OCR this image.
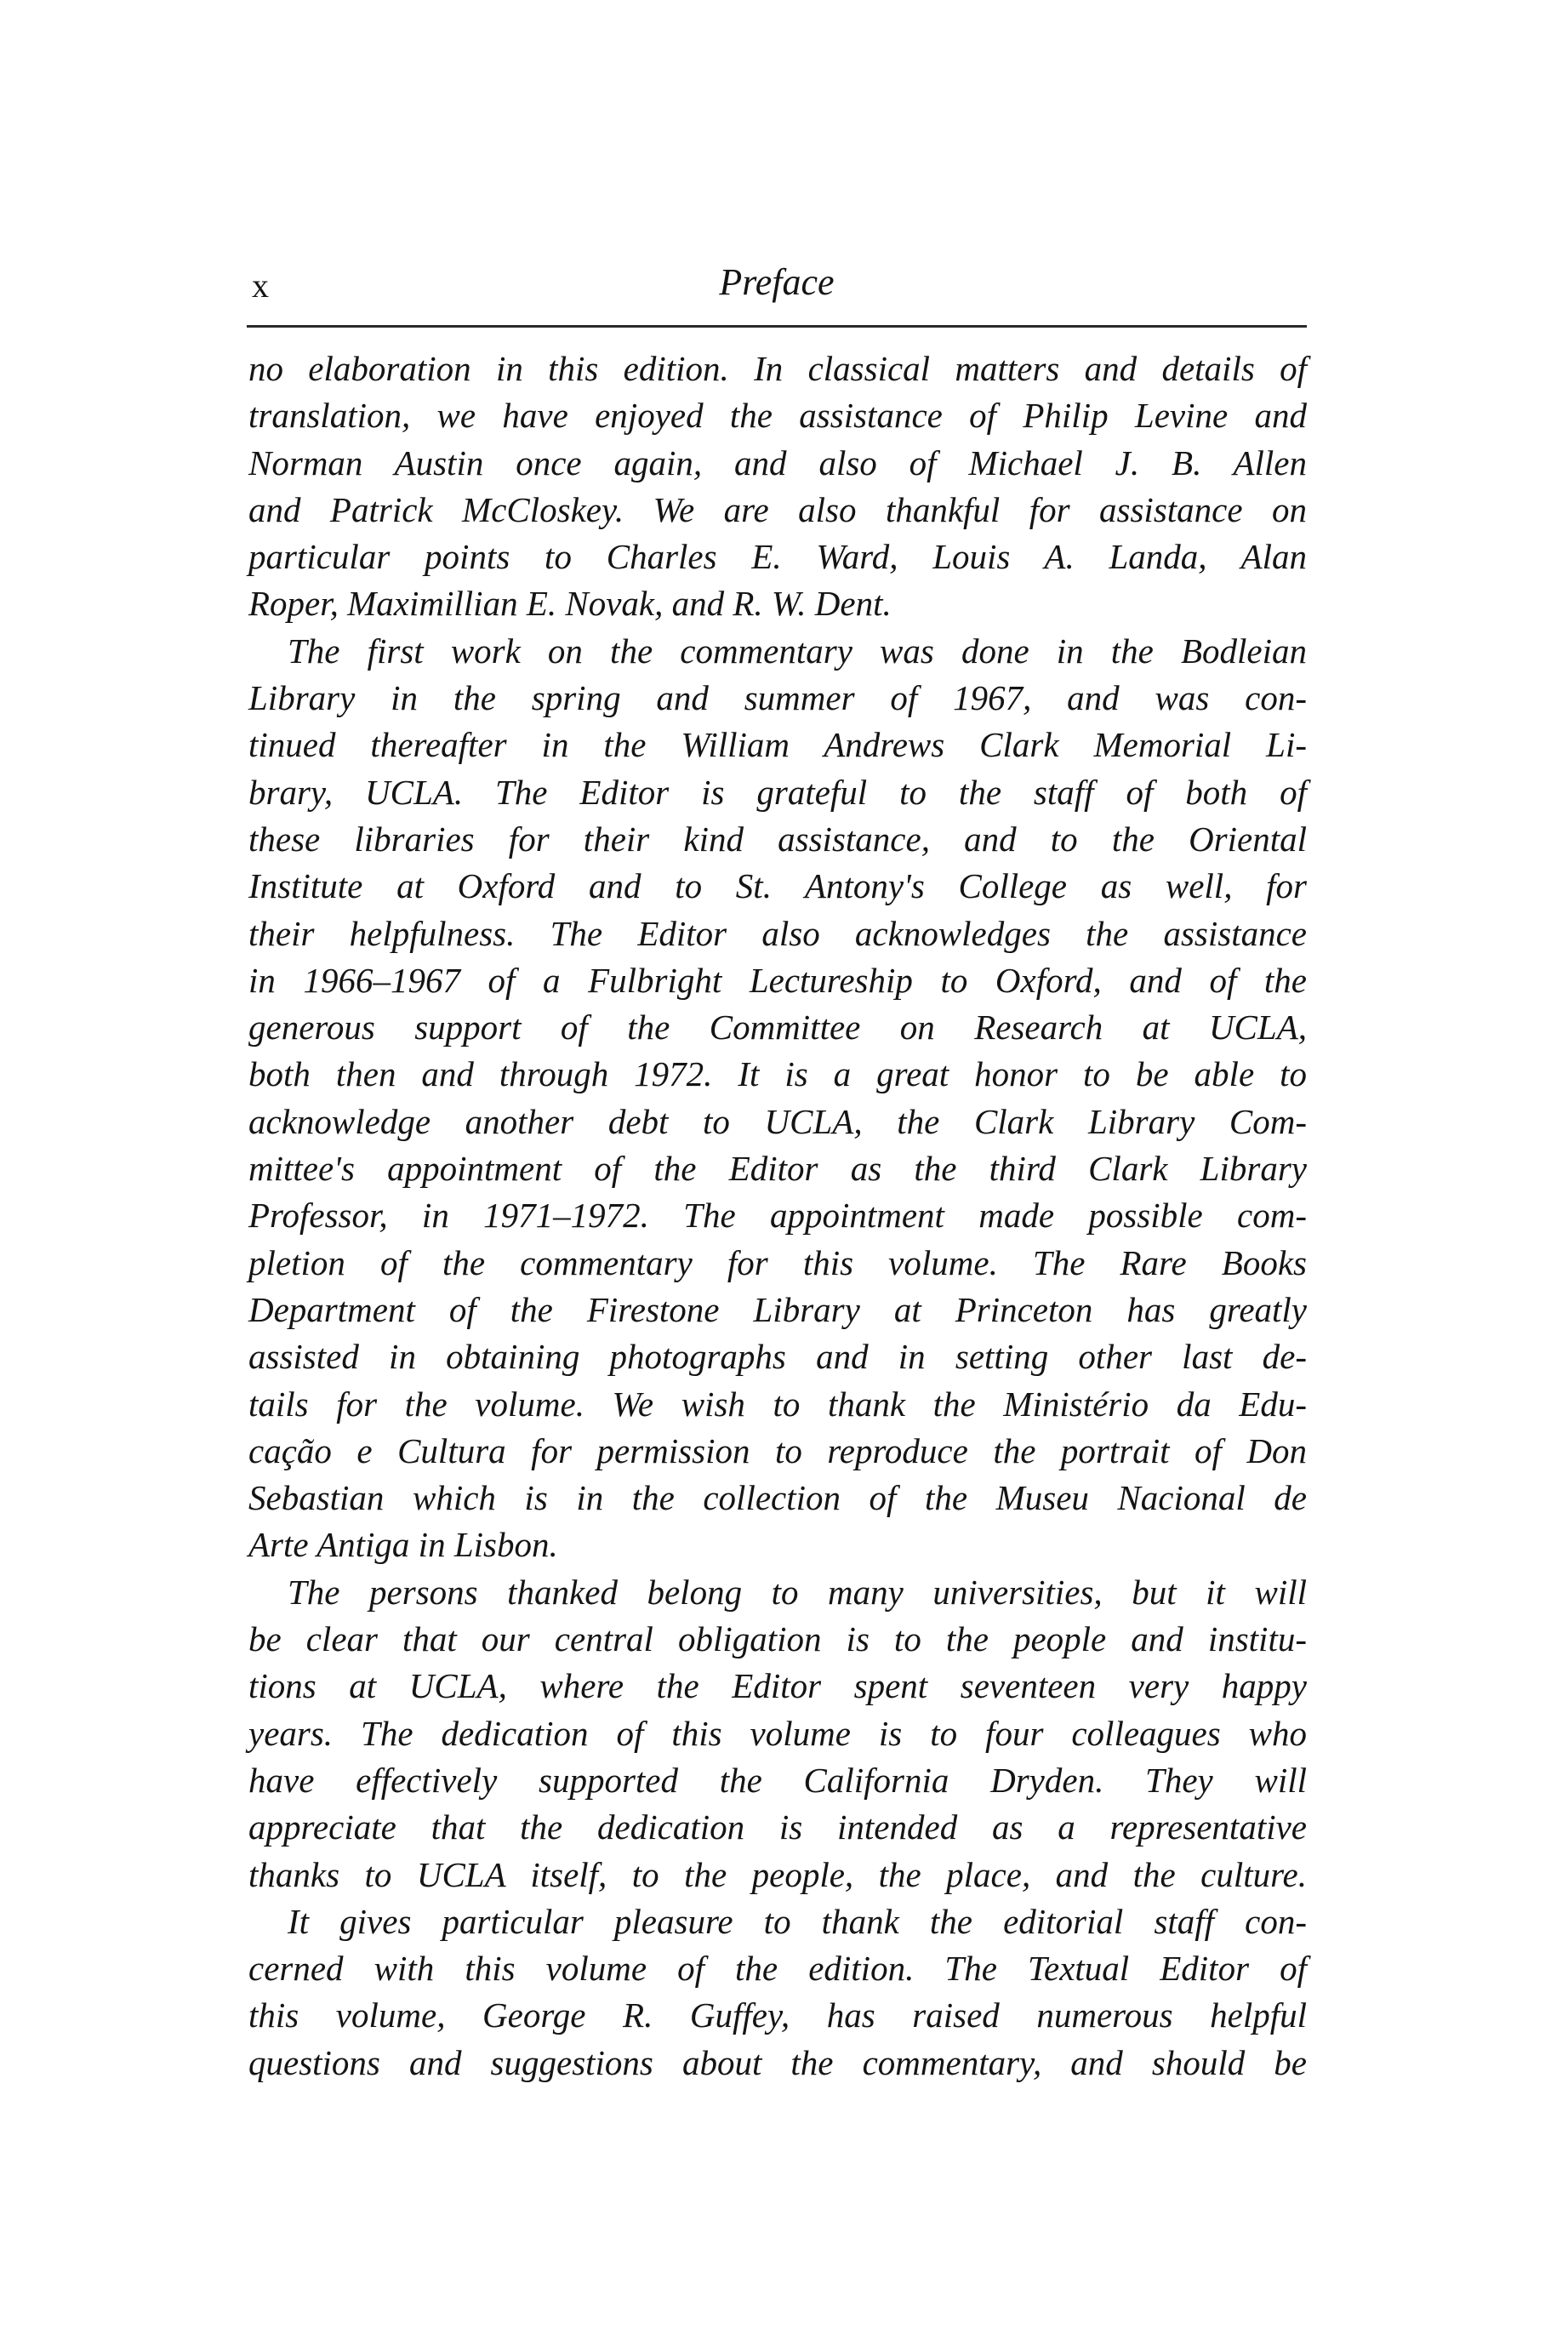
x	Preface
no elaboration in this edition. In classical matters and details of
translation, we have enjoyed the assistance of Philip Levine and
Norman Austin once again, and also of Michael J. B. Allen
and Patrick McCloskey. We are also thankful for assistance on
particular points to Charles E. Ward, Louis A. Landa, Alan
Roper, Maximillian E. Novak, and R. W. Dent.
The first work on the commentary was done in the Bodleian
Library in the spring and summer of 1967, and was con-
tinued thereafter in the William Andrews Clark Memorial Li-
brary, UCLA. The Editor is grateful to the staff of both of
these libraries for their kind assistance, and to the Oriental
Institute at Oxford and to St. Antony's College as well, for
their helpfulness. The Editor also acknowledges the assistance
in 1966–1967 of a Fulbright Lectureship to Oxford, and of the
generous support of the Committee on Research at UCLA,
both then and through 1972. It is a great honor to be able to
acknowledge another debt to UCLA, the Clark Library Com-
mittee's appointment of the Editor as the third Clark Library
Professor, in 1971–1972. The appointment made possible com-
pletion of the commentary for this volume. The Rare Books
Department of the Firestone Library at Princeton has greatly
assisted in obtaining photographs and in setting other last de-
tails for the volume. We wish to thank the Ministério da Edu-
cação e Cultura for permission to reproduce the portrait of Don
Sebastian which is in the collection of the Museu Nacional de
Arte Antiga in Lisbon.
The persons thanked belong to many universities, but it will
be clear that our central obligation is to the people and institu-
tions at UCLA, where the Editor spent seventeen very happy
years. The dedication of this volume is to four colleagues who
have effectively supported the California Dryden. They will
appreciate that the dedication is intended as a representative
thanks to UCLA itself, to the people, the place, and the culture.
It gives particular pleasure to thank the editorial staff con-
cerned with this volume of the edition. The Textual Editor of
this volume, George R. Guffey, has raised numerous helpful
questions and suggestions about the commentary, and should be
